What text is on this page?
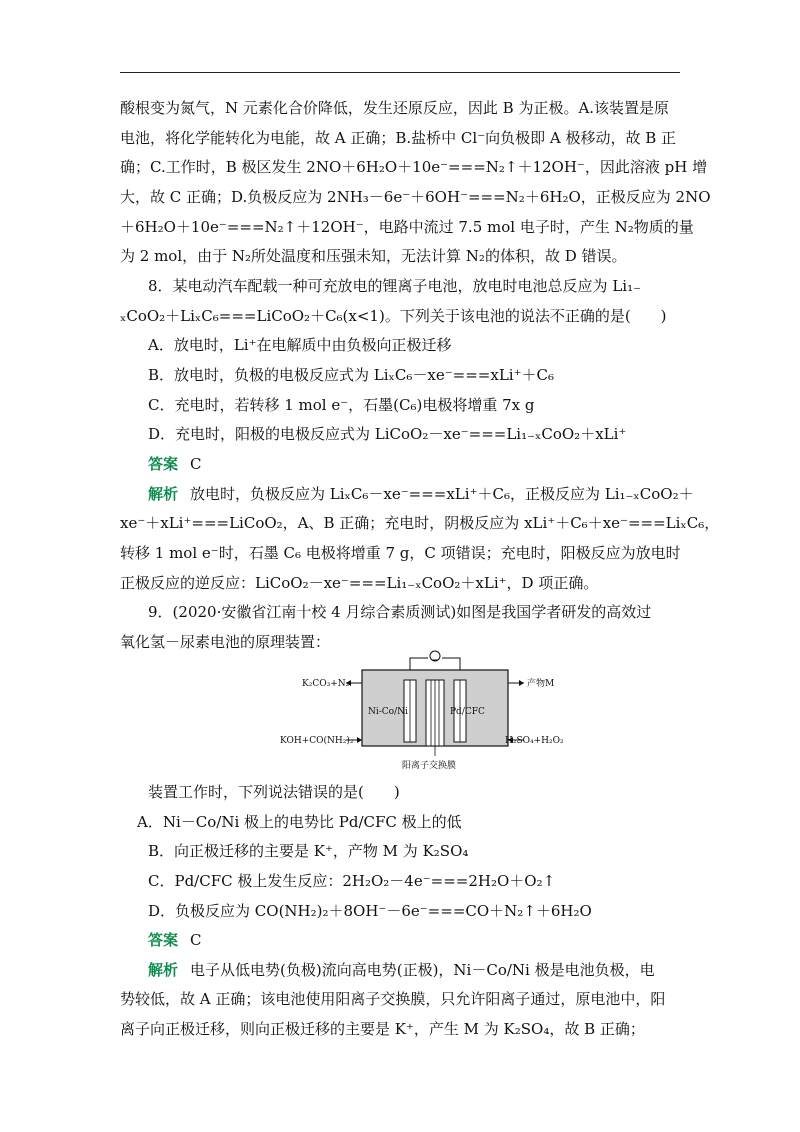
酸根变为氮气，N 元素化合价降低，发生还原反应，因此 B 为正极。A.该装置是原
电池，将化学能转化为电能，故 A 正确；B.盐桥中 Cl⁻向负极即 A 极移动，故 B 正
确；C.工作时，B 极区发生 2NO＋6H₂O＋10e⁻===N₂↑＋12OH⁻，因此溶液 pH 增
大，故 C 正确；D.负极反应为 2NH₃－6e⁻＋6OH⁻===N₂＋6H₂O，正极反应为 2NO
＋6H₂O＋10e⁻===N₂↑＋12OH⁻，电路中流过 7.5 mol 电子时，产生 N₂物质的量
为 2 mol，由于 N₂所处温度和压强未知，无法计算 N₂的体积，故 D 错误。
8．某电动汽车配载一种可充放电的锂离子电池，放电时电池总反应为 Li₁₋
ₓCoO₂＋LiₓC₆===LiCoO₂＋C₆(x<1)。下列关于该电池的说法不正确的是(　　)
A．放电时，Li⁺在电解质中由负极向正极迁移
B．放电时，负极的电极反应式为 LiₓC₆－xe⁻===xLi⁺＋C₆
C．充电时，若转移 1 mol e⁻，石墨(C₆)电极将增重 7x g
D．充电时，阳极的电极反应式为 LiCoO₂－xe⁻===Li₁₋ₓCoO₂＋xLi⁺
答案 C
解析 放电时，负极反应为 LiₓC₆－xe⁻===xLi⁺＋C₆，正极反应为 Li₁₋ₓCoO₂＋
xe⁻＋xLi⁺===LiCoO₂，A、B 正确；充电时，阴极反应为 xLi⁺＋C₆＋xe⁻===LiₓC₆，
转移 1 mol e⁻时，石墨 C₆ 电极将增重 7 g，C 项错误；充电时，阳极反应为放电时
正极反应的逆反应：LiCoO₂－xe⁻===Li₁₋ₓCoO₂＋xLi⁺，D 项正确。
9．(2020·安徽省江南十校 4 月综合素质测试)如图是我国学者研发的高效过
氧化氢－尿素电池的原理装置：
Ni-Co/Ni	Pd/CFC
K₂CO₃+N₂
KOH+CO(NH₂)₂
产物M
H₂SO₄+H₂O₂
阳离子交换膜
装置工作时，下列说法错误的是(　　)
A．Ni－Co/Ni 极上的电势比 Pd/CFC 极上的低
B．向正极迁移的主要是 K⁺，产物 M 为 K₂SO₄
C．Pd/CFC 极上发生反应：2H₂O₂－4e⁻===2H₂O＋O₂↑
D．负极反应为 CO(NH₂)₂＋8OH⁻－6e⁻===CO＋N₂↑＋6H₂O
答案 C
解析 电子从低电势(负极)流向高电势(正极)，Ni－Co/Ni 极是电池负极，电
势较低，故 A 正确；该电池使用阳离子交换膜，只允许阳离子通过，原电池中，阳
离子向正极迁移，则向正极迁移的主要是 K⁺，产生 M 为 K₂SO₄，故 B 正确；
